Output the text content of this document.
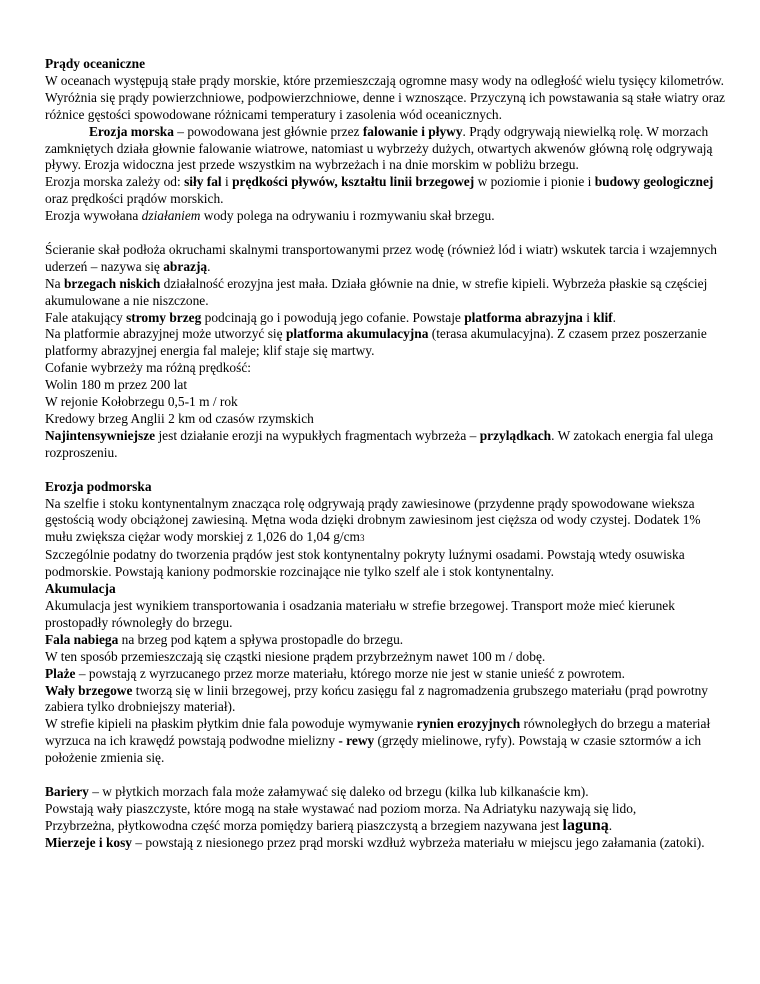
Prądy oceaniczne

W oceanach występują stałe prądy morskie, które przemieszczają ogromne masy wody na odległość wielu tysięcy kilometrów. Wyróżnia się prądy powierzchniowe, podpowierzchniowe, denne i wznoszące. Przyczyną ich powstawania są stałe wiatry oraz różnice gęstości spowodowane różnicami temperatury i zasolenia wód oceanicznych.

Erozja morska – powodowana jest głównie przez falowanie i pływy. Prądy odgrywają niewielką rolę. W morzach zamkniętych działa głownie falowanie wiatrowe, natomiast u wybrzeży dużych, otwartych akwenów główną rolę odgrywają pływy. Erozja widoczna jest przede wszystkim na wybrzeżach i na dnie morskim w pobliżu brzegu.

Erozja morska zależy od: siły fal i prędkości pływów, kształtu linii brzegowej w poziomie i pionie i budowy geologicznej oraz prędkości prądów morskich.

Erozja wywołana działaniem wody polega na odrywaniu i rozmywaniu skał brzegu.

Ścieranie skał podłoża okruchami skalnymi transportowanymi przez wodę (również lód i wiatr) wskutek tarcia i wzajemnych uderzeń – nazywa się abrazją.

Na brzegach niskich działalność erozyjna jest mała. Działa głównie na dnie, w strefie kipieli. Wybrzeża płaskie są częściej akumulowane a nie niszczone.

Fale atakujący stromy brzeg podcinają go i powodują jego cofanie. Powstaje platforma abrazyjna i klif.

Na platformie abrazyjnej może utworzyć się platforma akumulacyjna (terasa akumulacyjna). Z czasem przez poszerzanie platformy abrazyjnej energia fal maleje; klif staje się martwy.

Cofanie wybrzeży ma różną prędkość:

Wolin 180 m przez 200 lat

W rejonie Kołobrzegu 0,5-1 m / rok

Kredowy brzeg Anglii 2 km od czasów rzymskich

Najintensywniejsze jest działanie erozji na wypukłych fragmentach wybrzeża – przylądkach. W zatokach energia fal ulega rozproszeniu.

Erozja podmorska

Na szelfie i stoku kontynentalnym znacząca rolę odgrywają prądy zawiesinowe (przydenne prądy spowodowane wieksza gęstością wody obciążonej zawiesiną. Mętna woda dzięki drobnym zawiesinom jest cięższa od wody czystej. Dodatek 1% mułu zwiększa ciężar wody morskiej z 1,026 do 1,04 g/cm3

Szczególnie podatny do tworzenia prądów jest stok kontynentalny pokryty luźnymi osadami. Powstają wtedy osuwiska podmorskie. Powstają kaniony podmorskie rozcinające nie tylko szelf ale i stok kontynentalny.

Akumulacja

Akumulacja jest wynikiem transportowania i osadzania materiału w strefie brzegowej. Transport może mieć kierunek prostopadły równoległy do brzegu.

Fala nabiega na brzeg pod kątem a spływa prostopadle do brzegu.

W ten sposób przemieszczają się cząstki niesione prądem przybrzeżnym nawet 100 m / dobę.

Plaże – powstają z wyrzucanego przez morze materiału, którego morze nie jest w stanie unieść z powrotem.

Wały brzegowe tworzą się w linii brzegowej, przy końcu zasięgu fal z nagromadzenia grubszego materiału (prąd powrotny zabiera tylko drobniejszy materiał).

W strefie kipieli na płaskim płytkim dnie fala powoduje wymywanie rynien erozyjnych równoległych do brzegu a materiał wyrzuca na ich krawędź powstają podwodne mielizny - rewy (grzędy mielinowe, ryfy). Powstają w czasie sztormów a ich położenie zmienia się.

Bariery – w płytkich morzach fala może załamywać się daleko od brzegu (kilka lub kilkanaście km).

Powstają wały piaszczyste, które mogą na stałe wystawać nad poziom morza. Na Adriatyku nazywają się lido,

Przybrzeżna, płytkowodna część morza pomiędzy barierą piaszczystą a brzegiem nazywana jest laguną.

Mierzeje i kosy – powstają z niesionego przez prąd morski wzdłuż wybrzeża materiału w miejscu jego załamania (zatoki).
